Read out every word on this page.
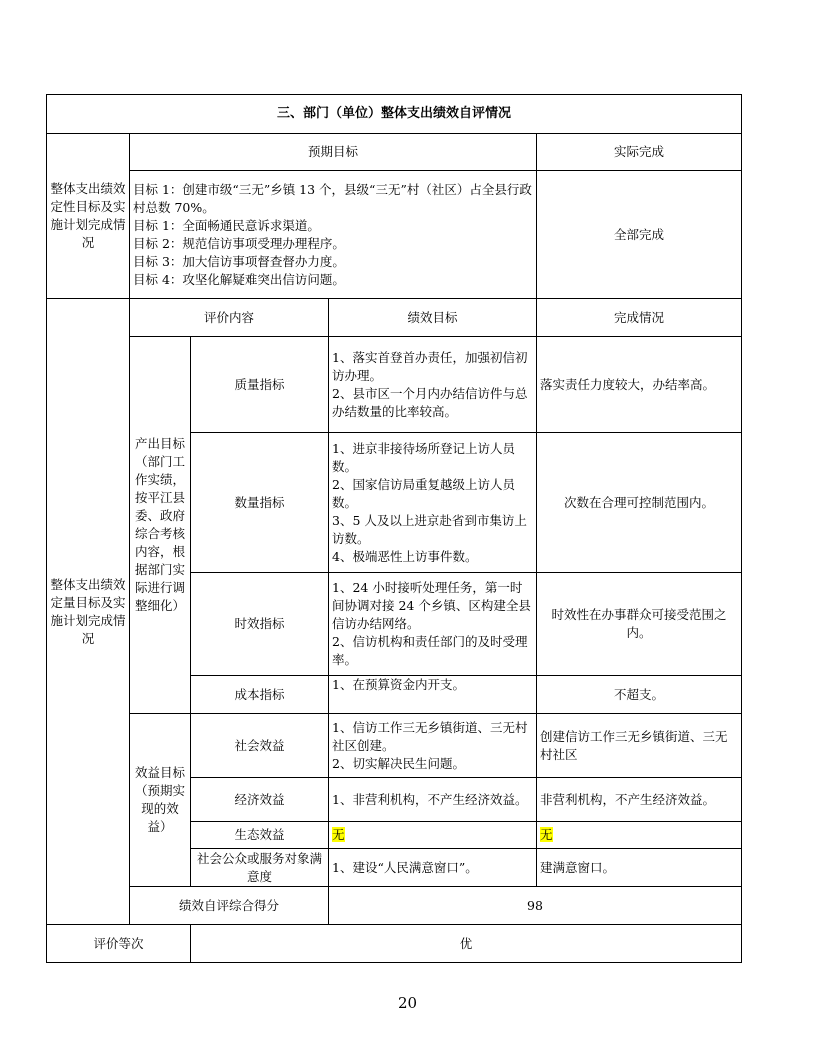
三、部门（单位）整体支出绩效自评情况				
整体支出绩效定性目标及实施计划完成情况	预期目标			实际完成

	目标 1：创建市级“三无”乡镇 13 个，县级“三无”村（社区）占全县行政村总数 70%。

目标 1：全面畅通民意诉求渠道。

目标 2：规范信访事项受理办理程序。

目标 3：加大信访事项督查督办力度。

目标 4：攻坚化解疑难突出信访问题。			全部完成
整体支出绩效定量目标及实施计划完成情况	评价内容		绩效目标	完成情况
	产出目标（部门工作实绩，按平江县委、政府综合考核内容，根据部门实际进行调整细化）	质量指标	1、落实首登首办责任，加强初信初访办理。
2、县市区一个月内办结信访件与总办结数量的比率较高。	落实责任力度较大，办结率高。
		数量指标	1、进京非接待场所登记上访人员数。
2、国家信访局重复越级上访人员数。
3、5 人及以上进京赴省到市集访上访数。
4、极端恶性上访事件数。	次数在合理可控制范围内。
		时效指标	1、24 小时接听处理任务，第一时间协调对接 24 个乡镇、区构建全县信访办结网络。
2、信访机构和责任部门的及时受理率。	时效性在办事群众可接受范围之内。
		成本指标	1、在预算资金内开支。	不超支。
	效益目标（预期实现的效益）	社会效益	1、信访工作三无乡镇街道、三无村社区创建。
2、切实解决民生问题。	创建信访工作三无乡镇街道、三无村社区
		经济效益	1、非营利机构，不产生经济效益。	非营利机构，不产生经济效益。
		生态效益	无	无
		社会公众或服务对象满意度	1、建设“人民满意窗口”。	建满意窗口。
	绩效自评综合得分		98	
评价等次		优		
20
